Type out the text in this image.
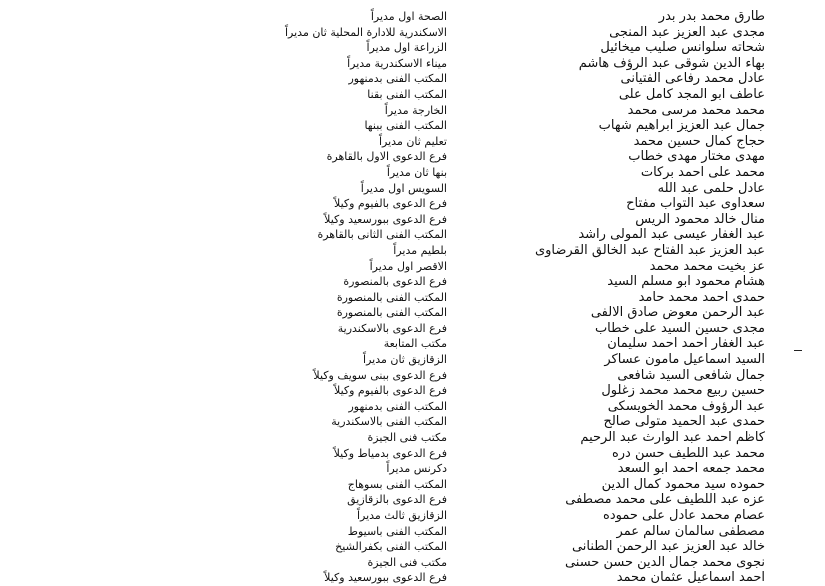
طارق محمد بدر بدر
مجدى عبد العزيز عبد المنجى
شحاته سلوانس صليب ميخائيل
بهاء الدين شوقى عبد الرؤف هاشم
عادل محمد رفاعى الفتيانى
عاطف ابو المجد كامل على
محمد محمد مرسى محمد
جمال عبد العزيز ابراهيم شهاب
حجاج كمال حسين محمد
مهدى مختار مهدى خطاب
محمد على احمد بركات
عادل حلمى عبد الله
سعداوى عبد التواب مفتاح
منال خالد محمود الريس
عبد الغفار عيسى عبد المولى راشد
عبد العزيز عبد الفتاح عبد الخالق القرضاوى
عز بخيت محمد محمد
هشام محمود ابو مسلم السيد
حمدى احمد محمد حامد
عبد الرحمن معوض صادق الالفى
مجدى حسين السيد على خطاب
عبد الغفار احمد احمد سليمان
السيد اسماعيل مامون عساكر
جمال شافعى السيد شافعى
حسين ربيع محمد محمد زغلول
عبد الرؤوف محمد الخويسكى
حمدى عبد الحميد متولى صالح
كاظم احمد عبد الوارث عبد الرحيم
محمد عبد اللطيف حسن دره
محمد جمعه احمد ابو السعد
حموده سيد محمود كمال الدين
عزه عبد اللطيف على محمد مصطفى
عصام محمد عادل على حموده
مصطفى سالمان سالم عمر
خالد عبد العزيز عبد الرحمن الطنانى
نجوى محمد جمال الدين حسن حسنى
احمد اسماعيل عثمان محمد
الصحة اول مديراً
الاسكندرية للادارة المحلية ثان مديراً
الزراعة اول مديراً
ميناء الاسكندرية مديراً
المكتب الفنى بدمنهور
المكتب الفنى بقنا
الخارجة مديراً
المكتب الفنى ببنها
تعليم ثان مديراً
فرع الدعوى الاول بالقاهرة
بنها ثان مديراً
السويس اول مديراً
فرع الدعوى بالفيوم وكيلاً
فرع الدعوى ببورسعيد وكيلاً
المكتب الفنى الثانى بالقاهرة
بلطيم مديراً
الاقصر اول مديراً
فرع الدعوى بالمنصورة
المكتب الفنى بالمنصورة
المكتب الفنى بالمنصورة
فرع الدعوى بالاسكندرية
مكتب المتابعة
الزقازيق ثان مديراً
فرع الدعوى ببنى سويف وكيلاً
فرع الدعوى بالفيوم وكيلاً
المكتب الفنى بدمنهور
المكتب الفنى بالاسكندرية
مكتب فنى الجيزة
فرع الدعوى بدمياط وكيلاً
دكرنس مديراً
المكتب الفنى بسوهاج
فرع الدعوى بالزقازيق
الزقازيق ثالث مديراً
المكتب الفنى باسيوط
المكتب الفنى بكفرالشيخ
مكتب فنى الجيزة
فرع الدعوى ببورسعيد وكيلاً
